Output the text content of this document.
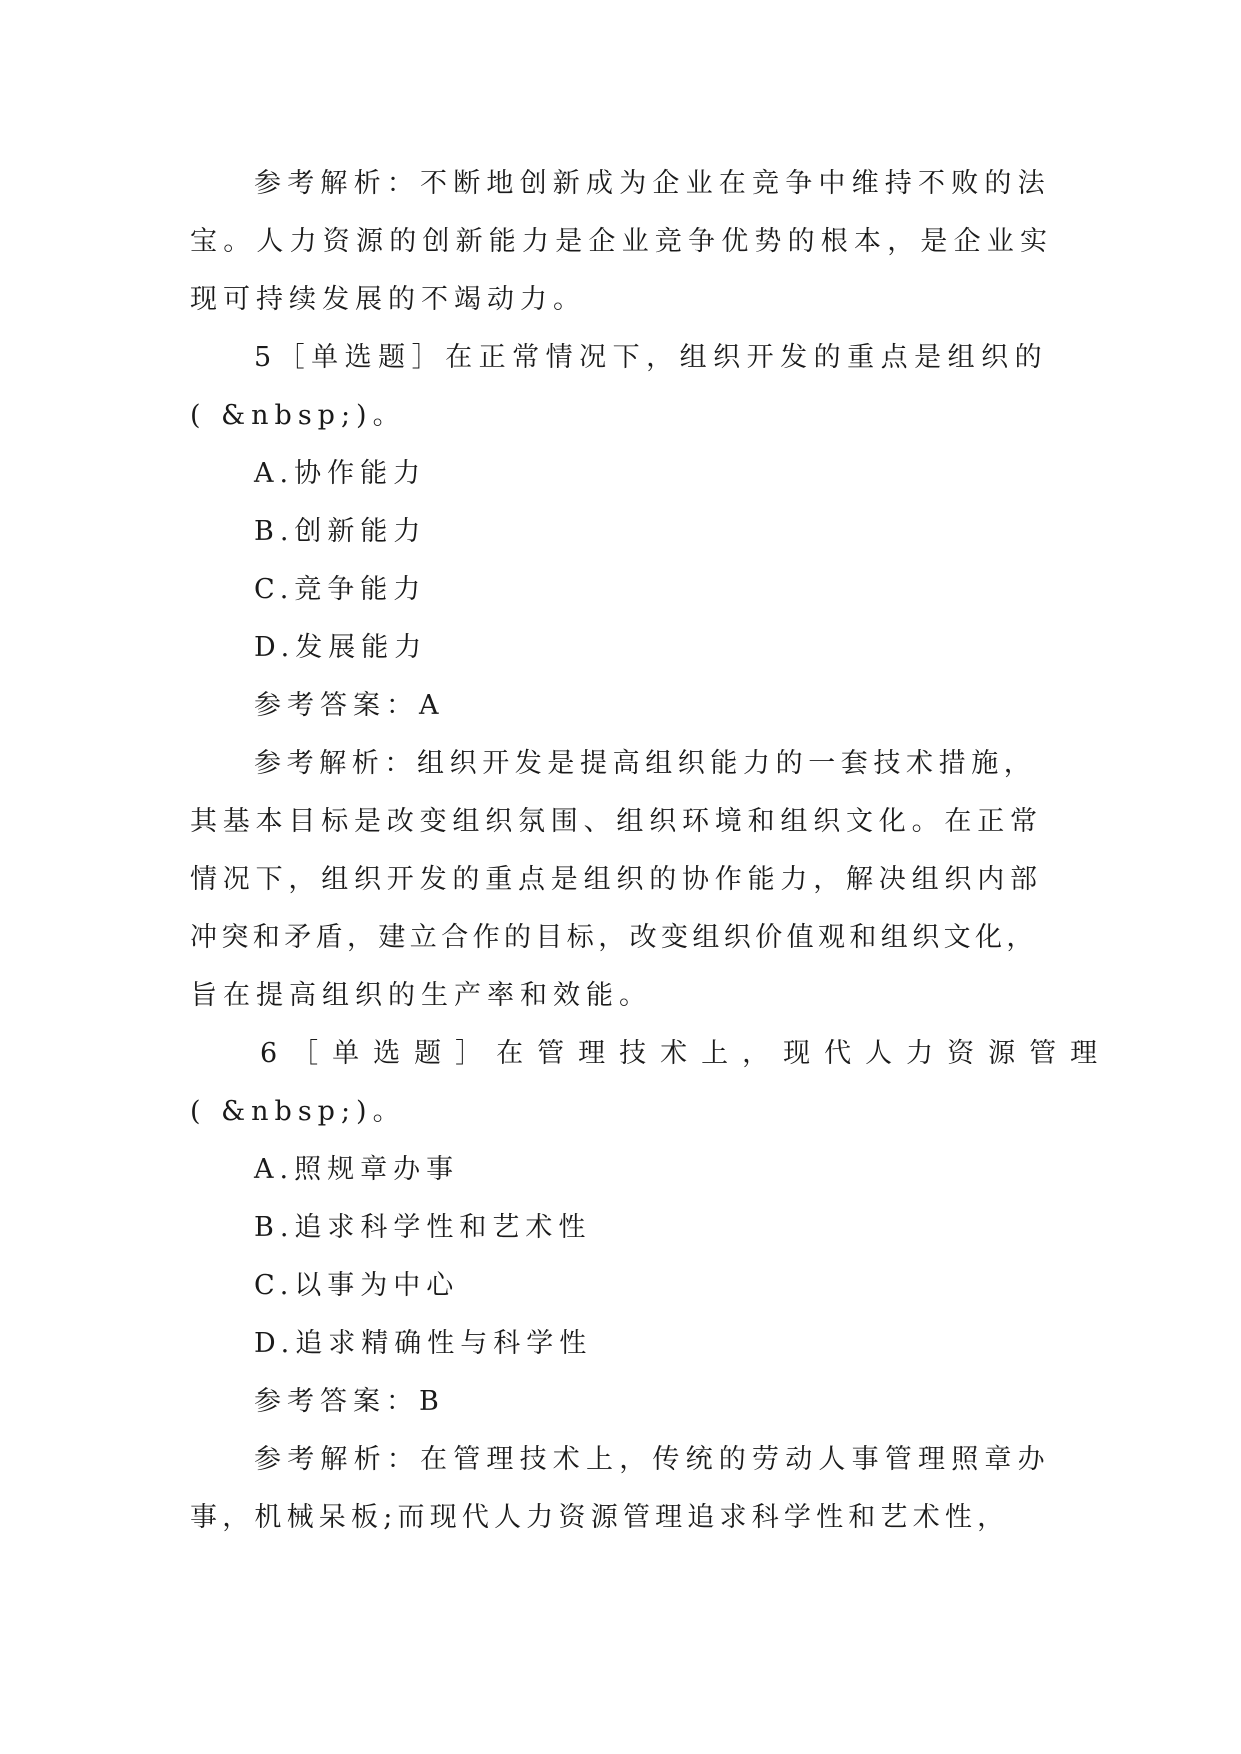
参考解析：不断地创新成为企业在竞争中维持不败的法
宝。人力资源的创新能力是企业竞争优势的根本，是企业实
现可持续发展的不竭动力。
5［单选题］在正常情况下，组织开发的重点是组织的
( &nbsp;)。
A.协作能力
B.创新能力
C.竞争能力
D.发展能力
参考答案：A
参考解析：组织开发是提高组织能力的一套技术措施，
其基本目标是改变组织氛围、组织环境和组织文化。在正常
情况下，组织开发的重点是组织的协作能力，解决组织内部
冲突和矛盾，建立合作的目标，改变组织价值观和组织文化，
旨在提高组织的生产率和效能。
6［单选题］在管理技术上，现代人力资源管理
( &nbsp;)。
A.照规章办事
B.追求科学性和艺术性
C.以事为中心
D.追求精确性与科学性
参考答案：B
参考解析：在管理技术上，传统的劳动人事管理照章办
事，机械呆板;而现代人力资源管理追求科学性和艺术性，
